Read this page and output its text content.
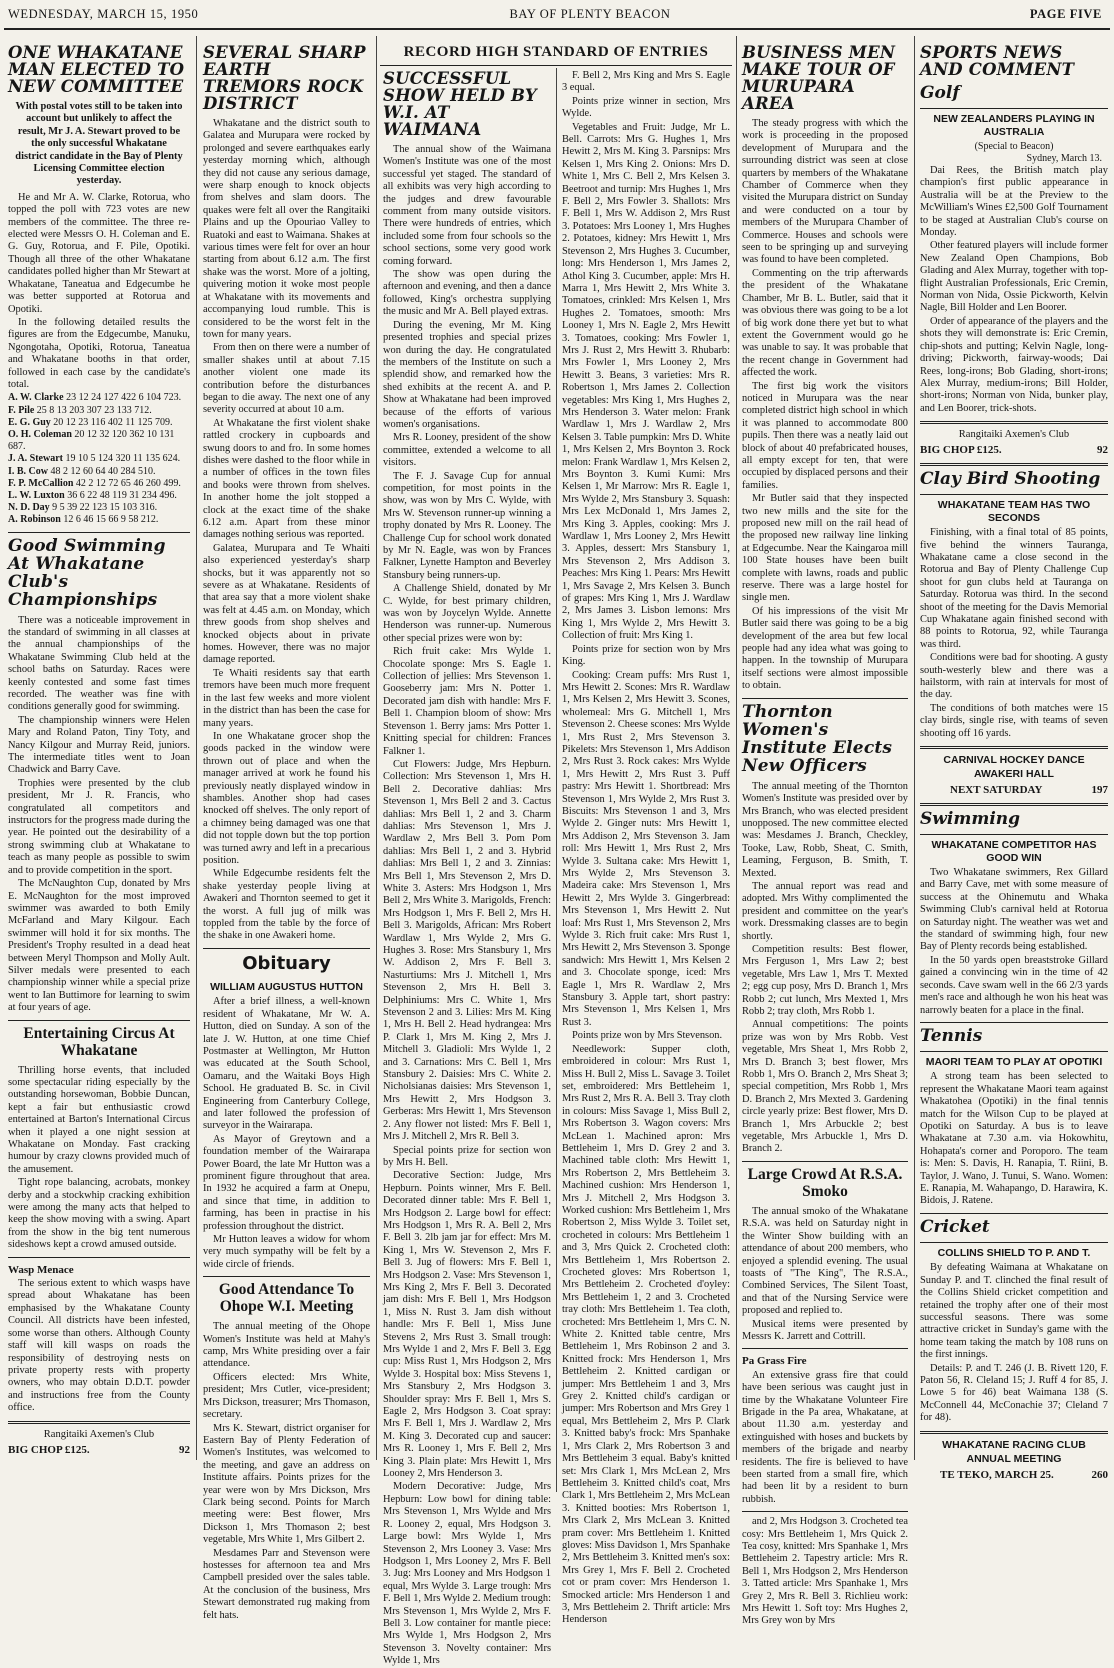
WEDNESDAY, MARCH 15, 1950	BAY OF PLENTY BEACON	PAGE FIVE
ONE WHAKATANE MAN ELECTED TO NEW COMMITTEE
With postal votes still to be taken into account but unlikely to affect the result, Mr J. A. Stewart proved to be the only successful Whakatane district candidate in the Bay of Plenty Licensing Committee election yesterday.
He and Mr A. W. Clarke, Rotorua, who topped the poll with 723 votes are new members of the committee. The three re-elected were Messrs O. H. Coleman and E. G. Guy, Rotorua, and F. Pile, Opotiki. Though all three of the other Whakatane candidates polled higher than Mr Stewart at Whakatane, Taneatua and Edgecumbe he was better supported at Rotorua and Opotiki.
In the following detailed results the figures are from the Edgecumbe, Manuku, Ngongotaha, Opotiki, Rotorua, Taneatua and Whakatane booths in that order, followed in each case by the candidate's total.
A. W. Clarke 23 12 24 127 422 6 104 723.
F. Pile 25 8 13 203 307 23 133 712.
E. G. Guy 20 12 23 116 402 11 125 709.
O. H. Coleman 20 12 32 120 362 10 131 687.
J. A. Stewart 19 10 5 124 320 11 135 624.
I. B. Cow 48 2 12 60 64 40 284 510.
F. P. McCallion 42 2 12 72 65 46 260 499.
L. W. Luxton 36 6 22 48 119 31 234 496.
N. D. Day 9 5 39 22 123 15 103 316.
A. Robinson 12 6 46 15 66 9 58 212.
Good Swimming At Whakatane Club's Championships
There was a noticeable improvement in the standard of swimming in all classes at the annual championships of the Whakatane Swimming Club held at the school baths on Saturday. Races were keenly contested and some fast times recorded. The weather was fine with conditions generally good for swimming.
The championship winners were Helen Mary and Roland Paton, Tiny Toty, and Nancy Kilgour and Murray Reid, juniors. The intermediate titles went to Joan Chadwick and Barry Cave.
Trophies were presented by the club president, Mr J. R. Francis, who congratulated all competitors and instructors for the progress made during the year. He pointed out the desirability of a strong swimming club at Whakatane to teach as many people as possible to swim and to provide competition in the sport.
The McNaughton Cup, donated by Mrs E. McNaughton for the most improved swimmer was awarded to both Emily McFarland and Mary Kilgour. Each swimmer will hold it for six months. The President's Trophy resulted in a dead heat between Meryl Thompson and Molly Ault. Silver medals were presented to each championship winner while a special prize went to Ian Buttimore for learning to swim at four years of age.
Entertaining Circus At Whakatane
Thrilling horse events, that included some spectacular riding especially by the outstanding horsewoman, Bobbie Duncan, kept a fair but enthusiastic crowd entertained at Barton's International Circus when it played a one night session at Whakatane on Monday. Fast cracking humour by crazy clowns provided much of the amusement.
Tight rope balancing, acrobats, monkey derby and a stockwhip cracking exhibition were among the many acts that helped to keep the show moving with a swing. Apart from the show in the big tent numerous sideshows kept a crowd amused outside.
Wasp Menace
The serious extent to which wasps have spread about Whakatane has been emphasised by the Whakatane County Council. All districts have been infested, some worse than others. Although County staff will kill wasps on roads the responsibility of destroying nests on private property rests with property owners, who may obtain D.D.T. powder and instructions free from the County office.
Rangitaiki Axemen's Club
BIG CHOP £125.	92
SEVERAL SHARP EARTH TREMORS ROCK DISTRICT
Whakatane and the district south to Galatea and Murupara were rocked by prolonged and severe earthquakes early yesterday morning which, although they did not cause any serious damage, were sharp enough to knock objects from shelves and slam doors. The quakes were felt all over the Rangitaiki Plains and up the Opouriao Valley to Ruatoki and east to Waimana. Shakes at various times were felt for over an hour starting from about 6.12 a.m. The first shake was the worst. More of a jolting, quivering motion it woke most people at Whakatane with its movements and accompanying loud rumble. This is considered to be the worst felt in the town for many years.
From then on there were a number of smaller shakes until at about 7.15 another violent one made its contribution before the disturbances began to die away. The next one of any severity occurred at about 10 a.m.
At Whakatane the first violent shake rattled crockery in cupboards and swung doors to and fro. In some homes dishes were dashed to the floor while in a number of offices in the town files and books were thrown from shelves. In another home the jolt stopped a clock at the exact time of the shake 6.12 a.m. Apart from these minor damages nothing serious was reported.
Galatea, Murupara and Te Whaiti also experienced yesterday's sharp shocks, but it was apparently not so severe as at Whakatane. Residents of that area say that a more violent shake was felt at 4.45 a.m. on Monday, which threw goods from shop shelves and knocked objects about in private homes. However, there was no major damage reported.
Te Whaiti residents say that earth tremors have been much more frequent in the last few weeks and more violent in the district than has been the case for many years.
In one Whakatane grocer shop the goods packed in the window were thrown out of place and when the manager arrived at work he found his previously neatly displayed window in shambles. Another shop had cases knocked off shelves. The only report of a chimney being damaged was one that did not topple down but the top portion was turned awry and left in a precarious position.
While Edgecumbe residents felt the shake yesterday people living at Awakeri and Thornton seemed to get it the worst. A full jug of milk was toppled from the table by the force of the shake in one Awakeri home.
Obituary
WILLIAM AUGUSTUS HUTTON
After a brief illness, a well-known resident of Whakatane, Mr W. A. Hutton, died on Sunday. A son of the late J. W. Hutton, at one time Chief Postmaster at Wellington, Mr Hutton was educated at the South School, Oamaru, and the Waitaki Boys High School. He graduated B. Sc. in Civil Engineering from Canterbury College, and later followed the profession of surveyor in the Wairarapa.
As Mayor of Greytown and a foundation member of the Wairarapa Power Board, the late Mr Hutton was a prominent figure throughout that area. In 1932 he acquired a farm at Onepu, and since that time, in addition to farming, has been in practise in his profession throughout the district.
Mr Hutton leaves a widow for whom very much sympathy will be felt by a wide circle of friends.
Good Attendance To Ohope W.I. Meeting
The annual meeting of the Ohope Women's Institute was held at Mahy's camp, Mrs White presiding over a fair attendance.
Officers elected: Mrs White, president; Mrs Cutler, vice-president; Mrs Dickson, treasurer; Mrs Thomason, secretary.
Mrs K. Stewart, district organiser for Eastern Bay of Plenty Federation of Women's Institutes, was welcomed to the meeting, and gave an address on Institute affairs. Points prizes for the year were won by Mrs Dickson, Mrs Clark being second. Points for March meeting were: Best flower, Mrs Dickson 1, Mrs Thomason 2; best vegetable, Mrs White 1, Mrs Gilbert 2.
Mesdames Parr and Stevenson were hostesses for afternoon tea and Mrs Campbell presided over the sales table. At the conclusion of the business, Mrs Stewart demonstrated rug making from felt hats.
RECORD HIGH STANDARD OF ENTRIES
SUCCESSFUL SHOW HELD BY W.I. AT WAIMANA
The annual show of the Waimana Women's Institute was one of the most successful yet staged. The standard of all exhibits was very high according to the judges and drew favourable comment from many outside visitors. There were hundreds of entries, which included some from four schools so the school sections, some very good work coming forward.
The show was open during the afternoon and evening, and then a dance followed, King's orchestra supplying the music and Mr A. Bell played extras.
During the evening, Mr M. King presented trophies and special prizes won during the day. He congratulated the members of the Institute on such a splendid show, and remarked how the shed exhibits at the recent A. and P. Show at Whakatane had been improved because of the efforts of various women's organisations.
Mrs R. Looney, president of the show committee, extended a welcome to all visitors.
The F. J. Savage Cup for annual competition, for most points in the show, was won by Mrs C. Wylde, with Mrs W. Stevenson runner-up winning a trophy donated by Mrs R. Looney. The Challenge Cup for school work donated by Mr N. Eagle, was won by Frances Falkner, Lynette Hampton and Beverley Stansbury being runners-up.
A Challenge Shield, donated by Mr C. Wylde, for best primary children, was won by Joycelyn Wylde. Annette Henderson was runner-up. Numerous other special prizes were won by:
Rich fruit cake: Mrs Wylde 1. Chocolate sponge: Mrs S. Eagle 1. Collection of jellies: Mrs Stevenson 1. Gooseberry jam: Mrs N. Potter 1. Decorated jam dish with handle: Mrs F. Bell 1. Champion bloom of show: Mrs Stevenson 1. Berry jams: Mrs Potter 1. Knitting special for children: Frances Falkner 1.
Cut Flowers: Judge, Mrs Hepburn. Collection: Mrs Stevenson 1, Mrs H. Bell 2. Decorative dahlias: Mrs Stevenson 1, Mrs Bell 2 and 3. Cactus dahlias: Mrs Bell 1, 2 and 3. Charm dahlias: Mrs Stevenson 1, Mrs J. Wardlaw 2, Mrs Bell 3. Pom Pom dahlias: Mrs Bell 1, 2 and 3. Hybrid dahlias: Mrs Bell 1, 2 and 3. Zinnias: Mrs Bell 1, Mrs Stevenson 2, Mrs D. White 3. Asters: Mrs Hodgson 1, Mrs Bell 2, Mrs White 3. Marigolds, French: Mrs Hodgson 1, Mrs F. Bell 2, Mrs H. Bell 3. Marigolds, African: Mrs Robert Wardlaw 1, Mrs Wylde 2, Mrs G. Hughes 3. Rose: Mrs Stansbury 1, Mrs W. Addison 2, Mrs F. Bell 3. Nasturtiums: Mrs J. Mitchell 1, Mrs Stevenson 2, Mrs H. Bell 3. Delphiniums: Mrs C. White 1, Mrs Stevenson 2 and 3. Lilies: Mrs M. King 1, Mrs H. Bell 2. Head hydrangea: Mrs P. Clark 1, Mrs M. King 2, Mrs J. Mitchell 3. Gladioli: Mrs Wylde 1, 2 and 3. Carnations: Mrs C. Bell 1, Mrs Stansbury 2. Daisies: Mrs C. White 2. Nicholsianas daisies: Mrs Stevenson 1, Mrs Hewitt 2, Mrs Hodgson 3. Gerberas: Mrs Hewitt 1, Mrs Stevenson 2. Any flower not listed: Mrs F. Bell 1, Mrs J. Mitchell 2, Mrs R. Bell 3.
Special points prize for section won by Mrs H. Bell.
Decorative Section: Judge, Mrs Hepburn. Points winner, Mrs F. Bell. Decorated dinner table: Mrs F. Bell 1, Mrs Hodgson 2. Large bowl for effect: Mrs Hodgson 1, Mrs R. A. Bell 2, Mrs F. Bell 3. 2lb jam jar for effect: Mrs M. King 1, Mrs W. Stevenson 2, Mrs F. Bell 3. Jug of flowers: Mrs F. Bell 1, Mrs Hodgson 2. Vase: Mrs Stevenson 1, Mrs King 2, Mrs F. Bell 3. Decorated jam dish: Mrs F. Bell 1, Mrs Hodgson 1, Miss N. Rust 3. Jam dish without handle: Mrs F. Bell 1, Miss June Stevens 2, Mrs Rust 3. Small trough: Mrs Wylde 1 and 2, Mrs F. Bell 3. Egg cup: Miss Rust 1, Mrs Hodgson 2, Mrs Wylde 3. Hospital box: Miss Stevens 1, Mrs Stansbury 2, Mrs Hodgson 3. Shoulder spray: Mrs F. Bell 1, Mrs S. Eagle 2, Mrs Hodgson 3. Coat spray: Mrs F. Bell 1, Mrs J. Wardlaw 2, Mrs M. King 3. Decorated cup and saucer: Mrs R. Looney 1, Mrs F. Bell 2, Mrs King 3. Plain plate: Mrs Hewitt 1, Mrs Looney 2, Mrs Henderson 3.
Modern Decorative: Judge, Mrs Hepburn: Low bowl for dining table: Mrs Stevenson 1, Mrs Wylde and Mrs R. Looney 2, equal, Mrs Hodgson 3. Large bowl: Mrs Wylde 1, Mrs Stevenson 2, Mrs Looney 3. Vase: Mrs Hodgson 1, Mrs Looney 2, Mrs F. Bell 3. Jug: Mrs Looney and Mrs Hodgson 1 equal, Mrs Wylde 3. Large trough: Mrs F. Bell 1, Mrs Wylde 2. Medium trough: Mrs Stevenson 1, Mrs Wylde 2, Mrs F. Bell 3. Low container for mantle piece: Mrs Wylde 1, Mrs Hodgson 2, Mrs Stevenson 3. Novelty container: Mrs Wylde 1, Mrs
F. Bell 2, Mrs King and Mrs S. Eagle 3 equal.
Points prize winner in section, Mrs Wylde.
Vegetables and Fruit: Judge, Mr L. Bell. Carrots: Mrs G. Hughes 1, Mrs Hewitt 2, Mrs M. King 3. Parsnips: Mrs Kelsen 1, Mrs King 2. Onions: Mrs D. White 1, Mrs C. Bell 2, Mrs Kelsen 3. Beetroot and turnip: Mrs Hughes 1, Mrs F. Bell 2, Mrs Fowler 3. Shallots: Mrs F. Bell 1, Mrs W. Addison 2, Mrs Rust 3. Potatoes: Mrs Looney 1, Mrs Hughes 2. Potatoes, kidney: Mrs Hewitt 1, Mrs Stevenson 2, Mrs Hughes 3. Cucumber, long: Mrs Henderson 1, Mrs James 2, Athol King 3. Cucumber, apple: Mrs H. Marra 1, Mrs Hewitt 2, Mrs White 3. Tomatoes, crinkled: Mrs Kelsen 1, Mrs Hughes 2. Tomatoes, smooth: Mrs Looney 1, Mrs N. Eagle 2, Mrs Hewitt 3. Tomatoes, cooking: Mrs Fowler 1, Mrs J. Rust 2, Mrs Hewitt 3. Rhubarb: Mrs Fowler 1, Mrs Looney 2, Mrs Hewitt 3. Beans, 3 varieties: Mrs R. Robertson 1, Mrs James 2. Collection vegetables: Mrs King 1, Mrs Hughes 2, Mrs Henderson 3. Water melon: Frank Wardlaw 1, Mrs J. Wardlaw 2, Mrs Kelsen 3. Table pumpkin: Mrs D. White 1, Mrs Kelsen 2, Mrs Boynton 3. Rock melon: Frank Wardlaw 1, Mrs Kelsen 2, Mrs Boynton 3. Kumi Kumi: Mrs Kelsen 1, Mr Marrow: Mrs R. Eagle 1, Mrs Wylde 2, Mrs Stansbury 3. Squash: Mrs Lex McDonald 1, Mrs James 2, Mrs King 3. Apples, cooking: Mrs J. Wardlaw 1, Mrs Looney 2, Mrs Hewitt 3. Apples, dessert: Mrs Stansbury 1, Mrs Stevenson 2, Mrs Addison 3. Peaches: Mrs King 1. Pears: Mrs Hewitt 1, Mrs Savage 2, Mrs Kelsen 3. Bunch of grapes: Mrs King 1, Mrs J. Wardlaw 2, Mrs James 3. Lisbon lemons: Mrs King 1, Mrs Wylde 2, Mrs Hewitt 3. Collection of fruit: Mrs King 1.
Points prize for section won by Mrs King.
Cooking: Cream puffs: Mrs Rust 1, Mrs Hewitt 2. Scones: Mrs R. Wardlaw 1, Mrs Kelsen 2, Mrs Hewitt 3. Scones, wholemeal: Mrs G. Mitchell 1, Mrs Stevenson 2. Cheese scones: Mrs Wylde 1, Mrs Rust 2, Mrs Stevenson 3. Pikelets: Mrs Stevenson 1, Mrs Addison 2, Mrs Rust 3. Rock cakes: Mrs Wylde 1, Mrs Hewitt 2, Mrs Rust 3. Puff pastry: Mrs Hewitt 1. Shortbread: Mrs Stevenson 1, Mrs Wylde 2, Mrs Rust 3. Biscuits: Mrs Stevenson 1 and 3, Mrs Wylde 2. Ginger nuts: Mrs Hewitt 1, Mrs Addison 2, Mrs Stevenson 3. Jam roll: Mrs Hewitt 1, Mrs Rust 2, Mrs Wylde 3. Sultana cake: Mrs Hewitt 1, Mrs Wylde 2, Mrs Stevenson 3. Madeira cake: Mrs Stevenson 1, Mrs Hewitt 2, Mrs Wylde 3. Gingerbread: Mrs Stevenson 1, Mrs Hewitt 2. Nut loaf: Mrs Rust 1, Mrs Stevenson 2, Mrs Wylde 3. Rich fruit cake: Mrs Rust 1, Mrs Hewitt 2, Mrs Stevenson 3. Sponge sandwich: Mrs Hewitt 1, Mrs Kelsen 2 and 3. Chocolate sponge, iced: Mrs Eagle 1, Mrs R. Wardlaw 2, Mrs Stansbury 3. Apple tart, short pastry: Mrs Stevenson 1, Mrs Kelsen 1, Mrs Rust 3.
Points prize won by Mrs Stevenson.
Needlework: Supper cloth, embroidered in colour: Mrs Rust 1, Miss H. Bull 2, Miss L. Savage 3. Toilet set, embroidered: Mrs Bettleheim 1, Mrs Rust 2, Mrs R. A. Bell 3. Tray cloth in colours: Miss Savage 1, Miss Bull 2, Mrs Robertson 3. Wagon covers: Mrs McLean 1. Machined apron: Mrs Bettleheim 1, Mrs D. Grey 2 and 3. Machined table cloth: Mrs Hewitt 1, Mrs Robertson 2, Mrs Bettleheim 3. Machined cushion: Mrs Henderson 1, Mrs J. Mitchell 2, Mrs Hodgson 3. Worked cushion: Mrs Bettleheim 1, Mrs Robertson 2, Miss Wylde 3. Toilet set, crocheted in colours: Mrs Bettleheim 1 and 3, Mrs Quick 2. Crocheted cloth: Mrs Bettleheim 1, Mrs Robertson 2. Crocheted gloves: Mrs Robertson 1, Mrs Bettleheim 2. Crocheted d'oyley: Mrs Bettleheim 1, 2 and 3. Crocheted tray cloth: Mrs Bettleheim 1. Tea cloth, crocheted: Mrs Bettleheim 1, Mrs C. N. White 2. Knitted table centre, Mrs Bettleheim 1, Mrs Robinson 2 and 3. Knitted frock: Mrs Henderson 1, Mrs Bettleheim 2. Knitted cardigan or jumper: Mrs Bettleheim 1 and 3, Mrs Grey 2. Knitted child's cardigan or jumper: Mrs Robertson and Mrs Grey 1 equal, Mrs Bettleheim 2, Mrs P. Clark 3. Knitted baby's frock: Mrs Spanhake 1, Mrs Clark 2, Mrs Robertson 3 and Mrs Bettleheim 3 equal. Baby's knitted set: Mrs Clark 1, Mrs McLean 2, Mrs Bettleheim 3. Knitted child's coat, Mrs Clark 1, Mrs Bettleheim 2, Mrs McLean 3. Knitted booties: Mrs Robertson 1, Mrs Clark 2, Mrs McLean 3. Knitted pram cover: Mrs Bettleheim 1. Knitted gloves: Miss Davidson 1, Mrs Spanhake 2, Mrs Bettleheim 3. Knitted men's sox: Mrs Grey 1, Mrs F. Bell 2. Crocheted cot or pram cover: Mrs Henderson 1. Smocked article: Mrs Henderson 1 and 3, Mrs Bettleheim 2. Thrift article: Mrs Henderson
BUSINESS MEN MAKE TOUR OF MURUPARA AREA
The steady progress with which the work is proceeding in the proposed development of Murupara and the surrounding district was seen at close quarters by members of the Whakatane Chamber of Commerce when they visited the Murupara district on Sunday and were conducted on a tour by members of the Murupara Chamber of Commerce. Houses and schools were seen to be springing up and surveying was found to have been completed.
Commenting on the trip afterwards the president of the Whakatane Chamber, Mr B. L. Butler, said that it was obvious there was going to be a lot of big work done there yet but to what extent the Government would go he was unable to say. It was probable that the recent change in Government had affected the work.
The first big work the visitors noticed in Murupara was the near completed district high school in which it was planned to accommodate 800 pupils. Then there was a neatly laid out block of about 40 prefabricated houses, all empty except for ten, that were occupied by displaced persons and their families.
Mr Butler said that they inspected two new mills and the site for the proposed new mill on the rail head of the proposed new railway line linking at Edgecumbe. Near the Kaingaroa mill 100 State houses have been built complete with lawns, roads and public reserve. There was a large hostel for single men.
Of his impressions of the visit Mr Butler said there was going to be a big development of the area but few local people had any idea what was going to happen. In the township of Murupara itself sections were almost impossible to obtain.
Thornton Women's Institute Elects New Officers
The annual meeting of the Thornton Women's Institute was presided over by Mrs Branch, who was elected president unopposed. The new committee elected was: Mesdames J. Branch, Checkley, Tooke, Law, Robb, Sheat, C. Smith, Leaming, Ferguson, B. Smith, T. Mexted.
The annual report was read and adopted. Mrs Withy complimented the president and committee on the year's work. Dressmaking classes are to begin shortly.
Competition results: Best flower, Mrs Ferguson 1, Mrs Law 2; best vegetable, Mrs Law 1, Mrs T. Mexted 2; egg cup posy, Mrs D. Branch 1, Mrs Robb 2; cut lunch, Mrs Mexted 1, Mrs Robb 2; tray cloth, Mrs Robb 1.
Annual competitions: The points prize was won by Mrs Robb. Vest vegetable, Mrs Sheat 1, Mrs Robb 2, Mrs D. Branch 3; best flower, Mrs Robb 1, Mrs O. Branch 2, Mrs Sheat 3; special competition, Mrs Robb 1, Mrs D. Branch 2, Mrs Mexted 3. Gardening circle yearly prize: Best flower, Mrs D. Branch 1, Mrs Arbuckle 2; best vegetable, Mrs Arbuckle 1, Mrs D. Branch 2.
Large Crowd At R.S.A. Smoko
The annual smoko of the Whakatane R.S.A. was held on Saturday night in the Winter Show building with an attendance of about 200 members, who enjoyed a splendid evening. The usual toasts of "The King", The R.S.A., Combined Services, The Silent Toast, and that of the Nursing Service were proposed and replied to.
Musical items were presented by Messrs K. Jarrett and Cottrill.
Pa Grass Fire
An extensive grass fire that could have been serious was caught just in time by the Whakatane Volunteer Fire Brigade in the Pa area, Whakatane, at about 11.30 a.m. yesterday and extinguished with hoses and buckets by members of the brigade and nearby residents. The fire is believed to have been started from a small fire, which had been lit by a resident to burn rubbish.
and 2, Mrs Hodgson 3. Crocheted tea cosy: Mrs Bettleheim 1, Mrs Quick 2. Tea cosy, knitted: Mrs Spanhake 1, Mrs Bettleheim 2. Tapestry article: Mrs R. Bell 1, Mrs Hodgson 2, Mrs Henderson 3. Tatted article: Mrs Spanhake 1, Mrs Grey 2, Mrs R. Bell 3. Richlieu work: Mrs Hewitt 1. Soft toy: Mrs Hughes 2, Mrs Grey won by Mrs
SPORTS NEWS AND COMMENT
Golf
NEW ZEALANDERS PLAYING IN AUSTRALIA
(Special to Beacon)
Sydney, March 13.
Dai Rees, the British match play champion's first public appearance in Australia will be at the Preview to the McWilliam's Wines £2,500 Golf Tournament to be staged at Australian Club's course on Monday.
Other featured players will include former New Zealand Open Champions, Bob Glading and Alex Murray, together with top-flight Australian Professionals, Eric Cremin, Norman von Nida, Ossie Pickworth, Kelvin Nagle, Bill Holder and Len Boorer.
Order of appearance of the players and the shots they will demonstrate is: Eric Cremin, chip-shots and putting; Kelvin Nagle, long-driving; Pickworth, fairway-woods; Dai Rees, long-irons; Bob Glading, short-irons; Alex Murray, medium-irons; Bill Holder, short-irons; Norman von Nida, bunker play, and Len Boorer, trick-shots.
Rangitaiki Axemen's Club
BIG CHOP £125.	92
Clay Bird Shooting
WHAKATANE TEAM HAS TWO SECONDS
Finishing, with a final total of 85 points, five behind the winners Tauranga, Whakatane came a close second in the Rotorua and Bay of Plenty Challenge Cup shoot for gun clubs held at Tauranga on Saturday. Rotorua was third. In the second shoot of the meeting for the Davis Memorial Cup Whakatane again finished second with 88 points to Rotorua, 92, while Tauranga was third.
Conditions were bad for shooting. A gusty south-westerly blew and there was a hailstorm, with rain at intervals for most of the day.
The conditions of both matches were 15 clay birds, single rise, with teams of seven shooting off 16 yards.
CARNIVAL HOCKEY DANCE
AWAKERI HALL
NEXT SATURDAY	197
Swimming
WHAKATANE COMPETITOR HAS GOOD WIN
Two Whakatane swimmers, Rex Gillard and Barry Cave, met with some measure of success at the Ohinemutu and Whaka Swimming Club's carnival held at Rotorua on Saturday night. The weather was wet and the standard of swimming high, four new Bay of Plenty records being established.
In the 50 yards open breaststroke Gillard gained a convincing win in the time of 42 seconds. Cave swam well in the 66 2/3 yards men's race and although he won his heat was narrowly beaten for a place in the final.
Tennis
MAORI TEAM TO PLAY AT OPOTIKI
A strong team has been selected to represent the Whakatane Maori team against Whakatohea (Opotiki) in the final tennis match for the Wilson Cup to be played at Opotiki on Saturday. A bus is to leave Whakatane at 7.30 a.m. via Hokowhitu, Hohapata's corner and Poroporo. The team is: Men: S. Davis, H. Ranapia, T. Riini, B. Taylor, J. Wano, J. Tunui, S. Wano. Women: E. Ranapia, M. Wahapango, D. Harawira, K. Bidois, J. Ratene.
Cricket
COLLINS SHIELD TO P. AND T.
By defeating Waimana at Whakatane on Sunday P. and T. clinched the final result of the Collins Shield cricket competition and retained the trophy after one of their most successful seasons. There was some attractive cricket in Sunday's game with the home team taking the match by 108 runs on the first innings.
Details: P. and T. 246 (J. B. Rivett 120, F. Paton 56, R. Cleland 15; J. Ruff 4 for 85, J. Lowe 5 for 46) beat Waimana 138 (S. McConnell 44, McConachie 37; Cleland 7 for 48).
WHAKATANE RACING CLUB
ANNUAL MEETING
TE TEKO, MARCH 25.	260
